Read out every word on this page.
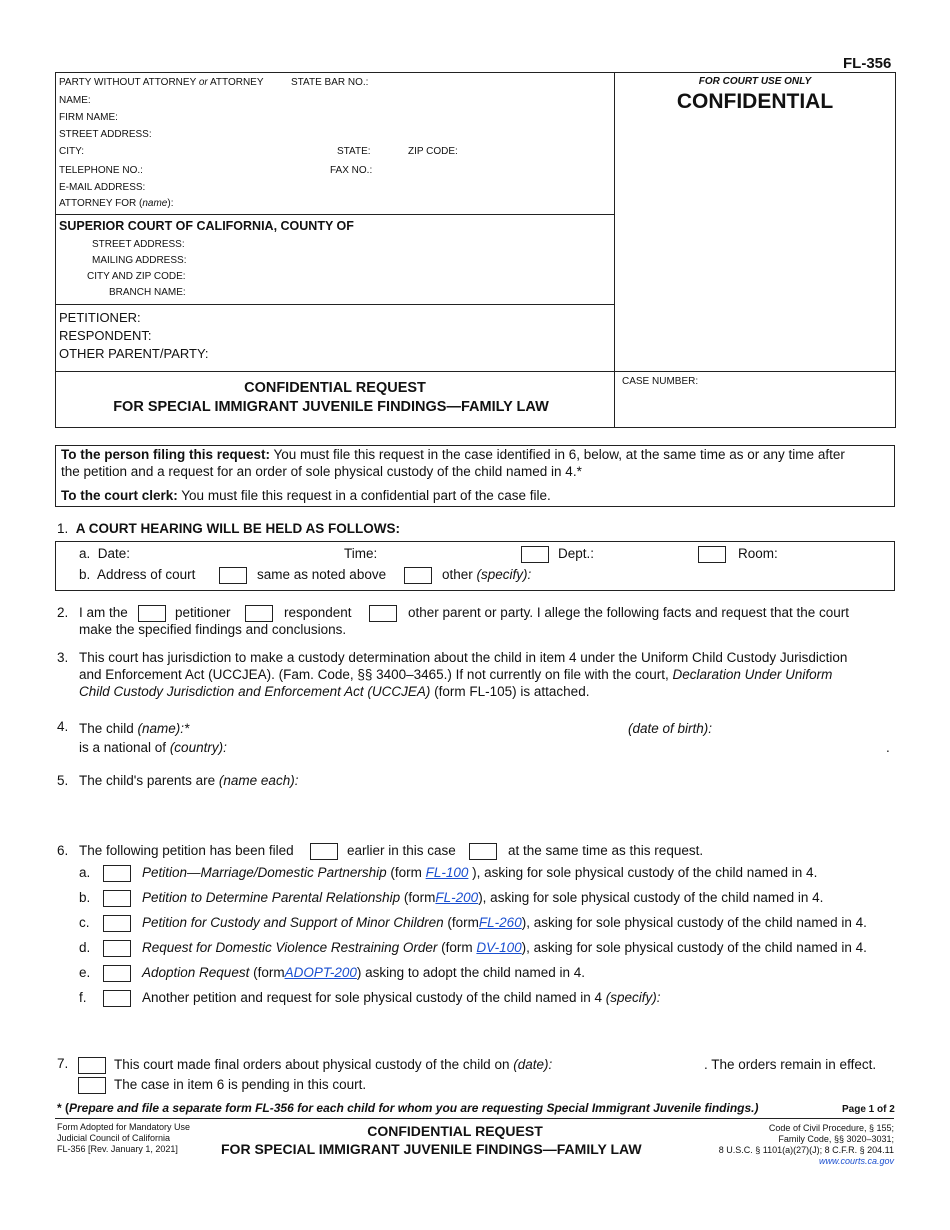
FL-356
PARTY WITHOUT ATTORNEY or ATTORNEY	STATE BAR NO.:
NAME:
FIRM NAME:
STREET ADDRESS:
CITY:	STATE:	ZIP CODE:
TELEPHONE NO.:	FAX NO.:
E-MAIL ADDRESS:
ATTORNEY FOR (name):
FOR COURT USE ONLY
CONFIDENTIAL
SUPERIOR COURT OF CALIFORNIA, COUNTY OF
STREET ADDRESS:
MAILING ADDRESS:
CITY AND ZIP CODE:
BRANCH NAME:
PETITIONER:
RESPONDENT:
OTHER PARENT/PARTY:
CONFIDENTIAL REQUEST
FOR SPECIAL IMMIGRANT JUVENILE FINDINGS—FAMILY LAW
CASE NUMBER:
To the person filing this request: You must file this request in the case identified in 6, below, at the same time as or any time after
the petition and a request for an order of sole physical custody of the child named in 4.*
To the court clerk: You must file this request in a confidential part of the case file.
1. A COURT HEARING WILL BE HELD AS FOLLOWS:
a. Date:	Time:	Dept.:	Room:
b. Address of court	same as noted above	other (specify):
2. I am the	petitioner	respondent	other parent or party. I allege the following facts and request that the court
make the specified findings and conclusions.
3. This court has jurisdiction to make a custody determination about the child in item 4 under the Uniform Child Custody Jurisdiction
and Enforcement Act (UCCJEA). (Fam. Code, §§ 3400–3465.) If not currently on file with the court, Declaration Under Uniform
Child Custody Jurisdiction and Enforcement Act (UCCJEA) (form FL-105) is attached.
4. The child (name):*	(date of birth):
is a national of (country):	.
5. The child's parents are (name each):
6. The following petition has been filed	earlier in this case	at the same time as this request.
a.	Petition—Marriage/Domestic Partnership (form FL-100 ), asking for sole physical custody of the child named in 4.
b.	Petition to Determine Parental Relationship (formFL-200), asking for sole physical custody of the child named in 4.
c.	Petition for Custody and Support of Minor Children (formFL-260), asking for sole physical custody of the child named in 4.
d.	Request for Domestic Violence Restraining Order (form DV-100), asking for sole physical custody of the child named in 4.
e.	Adoption Request (formADOPT-200) asking to adopt the child named in 4.
f.	Another petition and request for sole physical custody of the child named in 4 (specify):
7.	This court made final orders about physical custody of the child on (date):	. The orders remain in effect.
The case in item 6 is pending in this court.
* (Prepare and file a separate form FL-356 for each child for whom you are requesting Special Immigrant Juvenile findings.)	Page 1 of 2
Form Adopted for Mandatory Use
Judicial Council of California
FL-356 [Rev. January 1, 2021]
CONFIDENTIAL REQUEST
FOR SPECIAL IMMIGRANT JUVENILE FINDINGS—FAMILY LAW
Code of Civil Procedure, § 155;
Family Code, §§ 3020–3031;
8 U.S.C. § 1101(a)(27)(J); 8 C.F.R. § 204.11
www.courts.ca.gov
